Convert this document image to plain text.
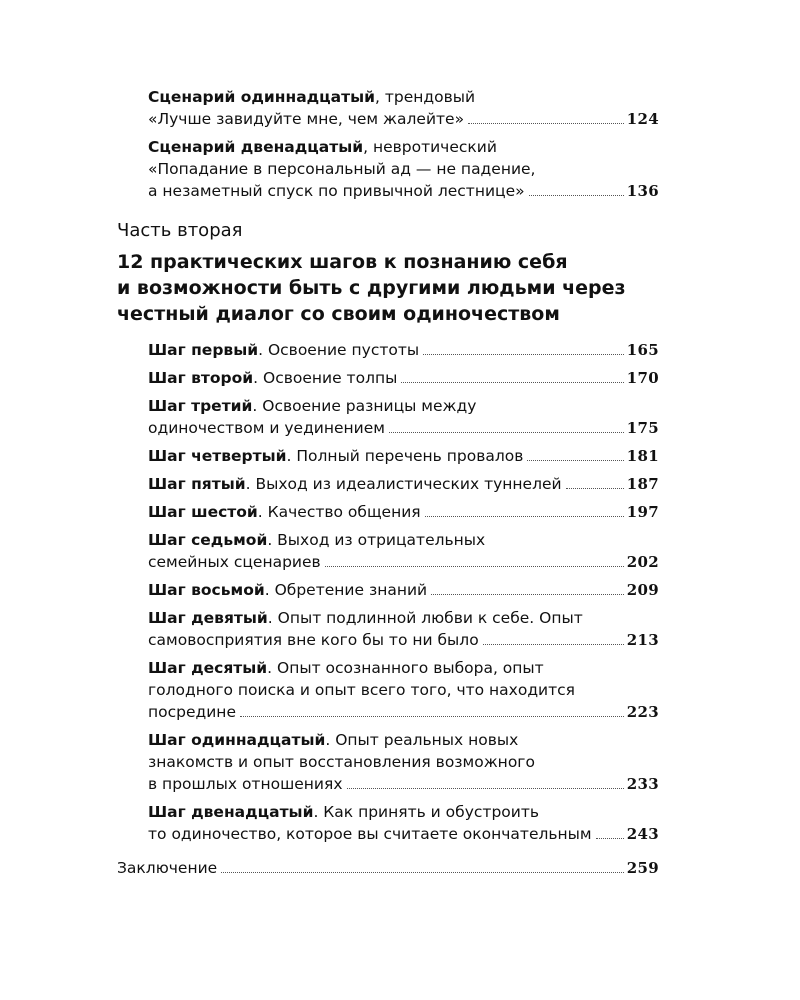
Сценарий одиннадцатый, трендовый
«Лучше завидуйте мне, чем жалейте»	124
Сценарий двенадцатый, невротический
«Попадание в персональный ад — не падение,
а незаметный спуск по привычной лестнице»	136
Часть вторая
12 практических шагов к познанию себя
и возможности быть с другими людьми через
честный диалог со своим одиночеством
Шаг первый . Освоение пустоты	165
Шаг второй . Освоение толпы	170
Шаг третий. Освоение разницы между
одиночеством и уединением	175
Шаг четвертый . Полный перечень провалов	181
Шаг пятый . Выход из идеалистических туннелей	187
Шаг шестой . Качество общения	197
Шаг седьмой. Выход из отрицательных
семейных сценариев	202
Шаг восьмой . Обретение знаний	209
Шаг девятый. Опыт подлинной любви к себе. Опыт
самовосприятия вне кого бы то ни было	213
Шаг десятый. Опыт осознанного выбора, опыт
голодного поиска и опыт всего того, что находится
посредине	223
Шаг одиннадцатый. Опыт реальных новых
знакомств и опыт восстановления возможного
в прошлых отношениях	233
Шаг двенадцатый. Как принять и обустроить
то одиночество, которое вы считаете окончательным 243
Заключение	259
